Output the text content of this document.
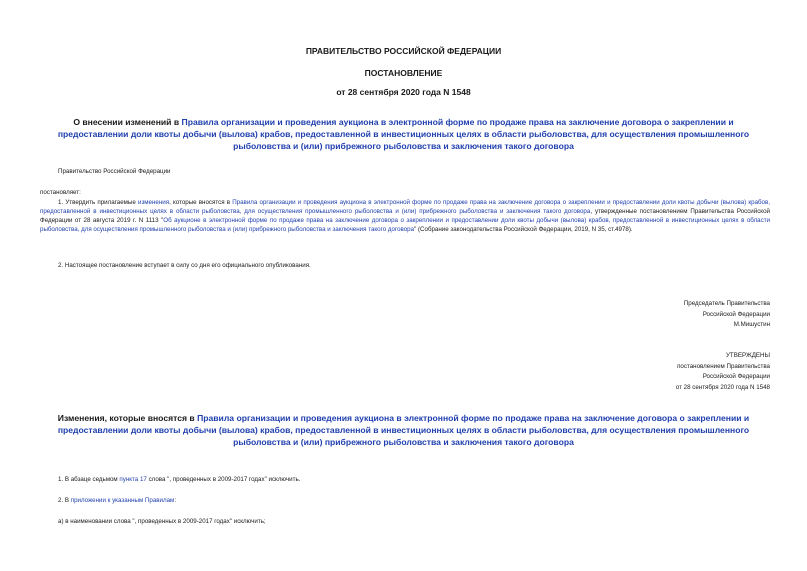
ПРАВИТЕЛЬСТВО РОССИЙСКОЙ ФЕДЕРАЦИИ
ПОСТАНОВЛЕНИЕ
от 28 сентября 2020 года N 1548
О внесении изменений в Правила организации и проведения аукциона в электронной форме по продаже права на заключение договора о закреплении и предоставлении доли квоты добычи (вылова) крабов, предоставленной в инвестиционных целях в области рыболовства, для осуществления промышленного рыболовства и (или) прибрежного рыболовства и заключения такого договора
Правительство Российской Федерации
постановляет:
1. Утвердить прилагаемые изменения, которые вносятся в Правила организации и проведения аукциона в электронной форме по продаже права на заключение договора о закреплении и предоставлении доли квоты добычи (вылова) крабов, предоставленной в инвестиционных целях в области рыболовства, для осуществления промышленного рыболовства и (или) прибрежного рыболовства и заключения такого договора, утвержденные постановлением Правительства Российской Федерации от 28 августа 2019 г. N 1113 "Об аукционе в электронной форме по продаже права на заключение договора о закреплении и предоставлении доли квоты добычи (вылова) крабов, предоставленной в инвестиционных целях в области рыболовства, для осуществления промышленного рыболовства и (или) прибрежного рыболовства и заключения такого договора" (Собрание законодательства Российской Федерации, 2019, N 35, ст.4978).
2. Настоящее постановление вступает в силу со дня его официального опубликования.
Председатель Правительства
Российской Федерации
М.Мишустин
УТВЕРЖДЕНЫ
постановлением Правительства
Российской Федерации
от 28 сентября 2020 года N 1548
Изменения, которые вносятся в Правила организации и проведения аукциона в электронной форме по продаже права на заключение договора о закреплении и предоставлении доли квоты добычи (вылова) крабов, предоставленной в инвестиционных целях в области рыболовства, для осуществления промышленного рыболовства и (или) прибрежного рыболовства и заключения такого договора
1. В абзаце седьмом пункта 17 слова ", проведенных в 2009-2017 годах" исключить.
2. В приложении к указанным Правилам:
а) в наименовании слова ", проведенных в 2009-2017 годах" исключить;
